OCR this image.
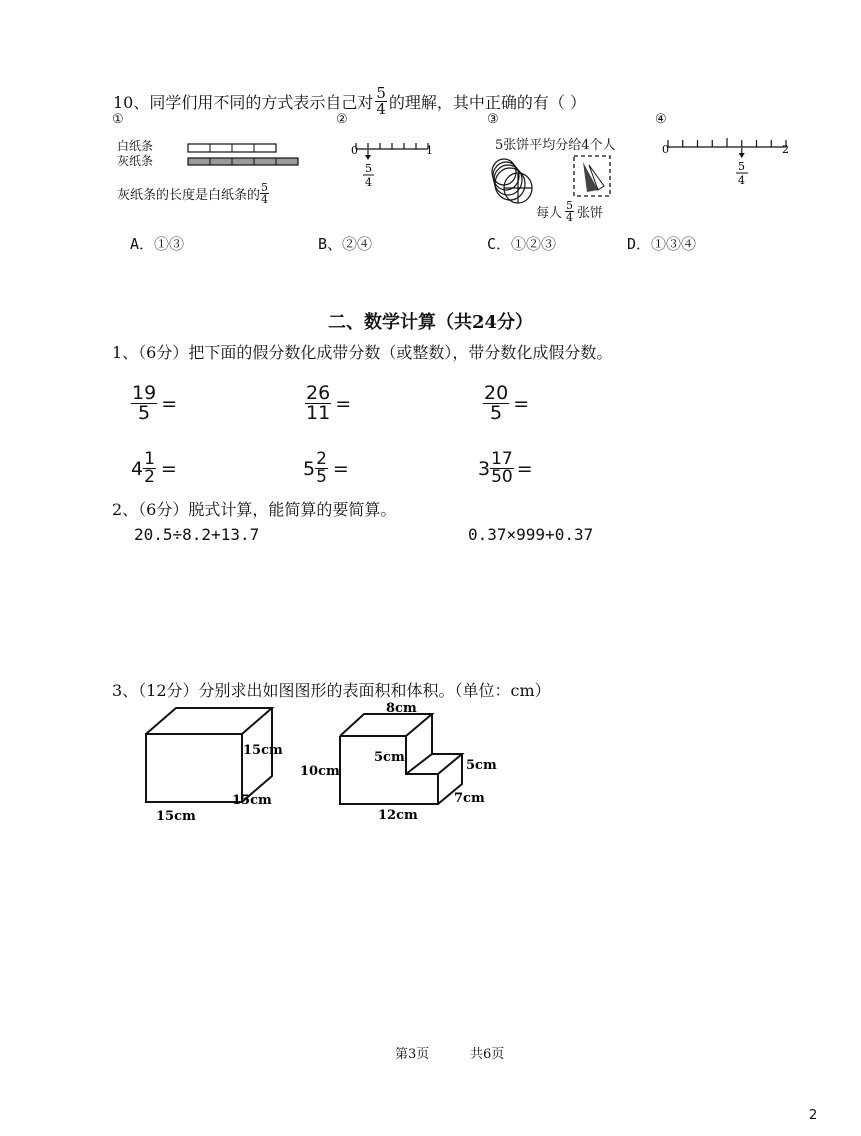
10、同学们用不同的方式表示自己对 $\frac{5}{4}$ 的理解，其中正确的有（ ）
①	②	③	④
白纸条
灰纸条
灰纸条的长度是白纸条的 $\frac{5}{4}$
0	1
5
4
5张饼平均分给4个人
每人 $\frac{5}{4}$ 张饼
0	2
5
4
A．①③	B、②④	C．①②③	D．①③④
二、数学计算（共24分）
1、（6分）把下面的假分数化成带分数（或整数），带分数化成假分数。
$\frac{19}{5}$ =	$\frac{26}{11}$ =	$\frac{20}{5}$ =
$4 \frac{1}{2}$ =	$5 \frac{2}{5}$ =	$3 \frac{17}{50}$ =
2、（6分）脱式计算，能简算的要简算。
20.5÷8.2+13.7	0.37×999+0.37
3、（12分）分别求出如图图形的表面积和体积。（单位：cm）
15cm
15cm
15cm
8cm
10cm
5cm
5cm
7cm
12cm
第3页	共6页
2
